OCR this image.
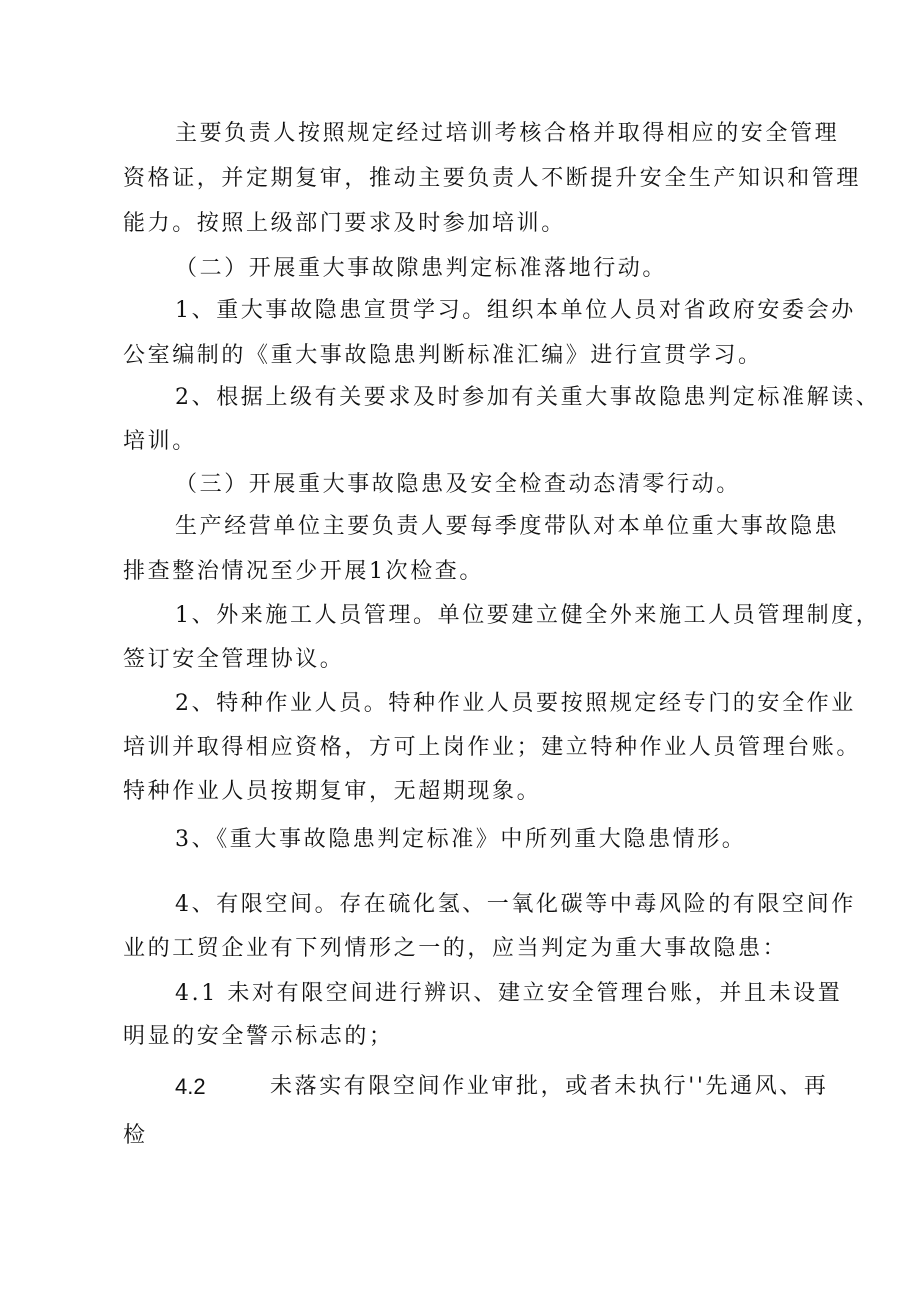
主要负责人按照规定经过培训考核合格并取得相应的安全管理
资格证，并定期复审，推动主要负责人不断提升安全生产知识和管理
能力。按照上级部门要求及时参加培训。
（二）开展重大事故隙患判定标准落地行动。
1、重大事故隐患宣贯学习。组织本单位人员对省政府安委会办
公室编制的《重大事故隐患判断标准汇编》进行宣贯学习。
2、根据上级有关要求及时参加有关重大事故隐患判定标准解读、
培训。
（三）开展重大事故隐患及安全检查动态清零行动。
生产经营单位主要负责人要每季度带队对本单位重大事故隐患
排查整治情况至少开展1次检查。
1、外来施工人员管理。单位要建立健全外来施工人员管理制度，
签订安全管理协议。
2、特种作业人员。特种作业人员要按照规定经专门的安全作业
培训并取得相应资格，方可上岗作业；建立特种作业人员管理台账。
特种作业人员按期复审，无超期现象。
3、《重大事故隐患判定标准》中所列重大隐患情形。
4、有限空间。存在硫化氢、一氧化碳等中毒风险的有限空间作
业的工贸企业有下列情形之一的，应当判定为重大事故隐患：
4.1 未对有限空间进行辨识、建立安全管理台账，并且未设置
明显的安全警示标志的；
4.2	未落实有限空间作业审批，或者未执行''先通风、再
检
